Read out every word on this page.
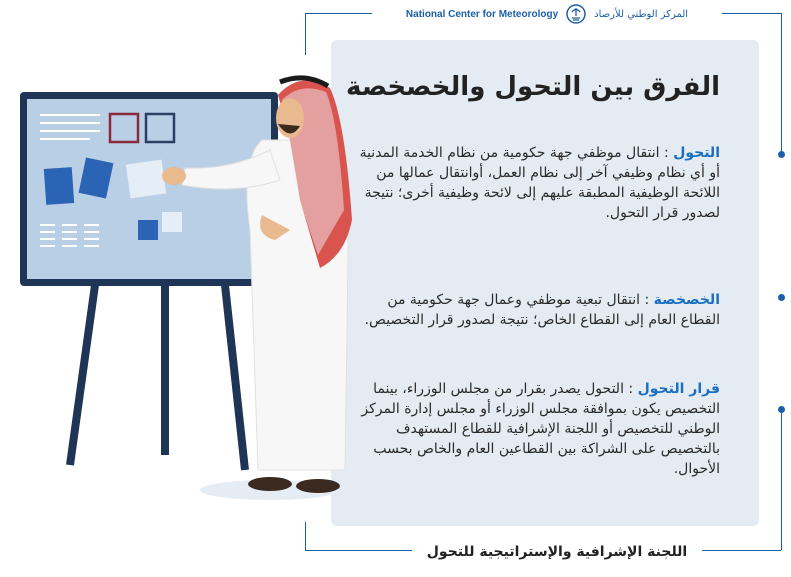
National Center for Meteorology	المركز الوطني للأرصاد
الفرق بين التحول والخصخصة

التحول : انتقال موظفي جهة حكومية من نظام الخدمة المدنية أو أي نظام وظيفي آخر إلى نظام العمل، أوانتقال عمالها من اللائحة الوظيفية المطبقة عليهم إلى لائحة وظيفية أخرى؛ نتيجة لصدور قرار التحول.

الخصخصة : انتقال تبعية موظفي وعمال جهة حكومية من القطاع العام إلى القطاع الخاص؛ نتيجة لصدور قرار التخصيص.

قرار التحول : التحول يصدر بقرار من مجلس الوزراء، بينما التخصيص يكون بموافقة مجلس الوزراء أو مجلس إدارة المركز الوطني للتخصيص أو اللجنة الإشرافية للقطاع المستهدف بالتخصيص على الشراكة بين القطاعين العام والخاص بحسب الأحوال.

اللجنة الإشرافية والإستراتيجية للتحول
